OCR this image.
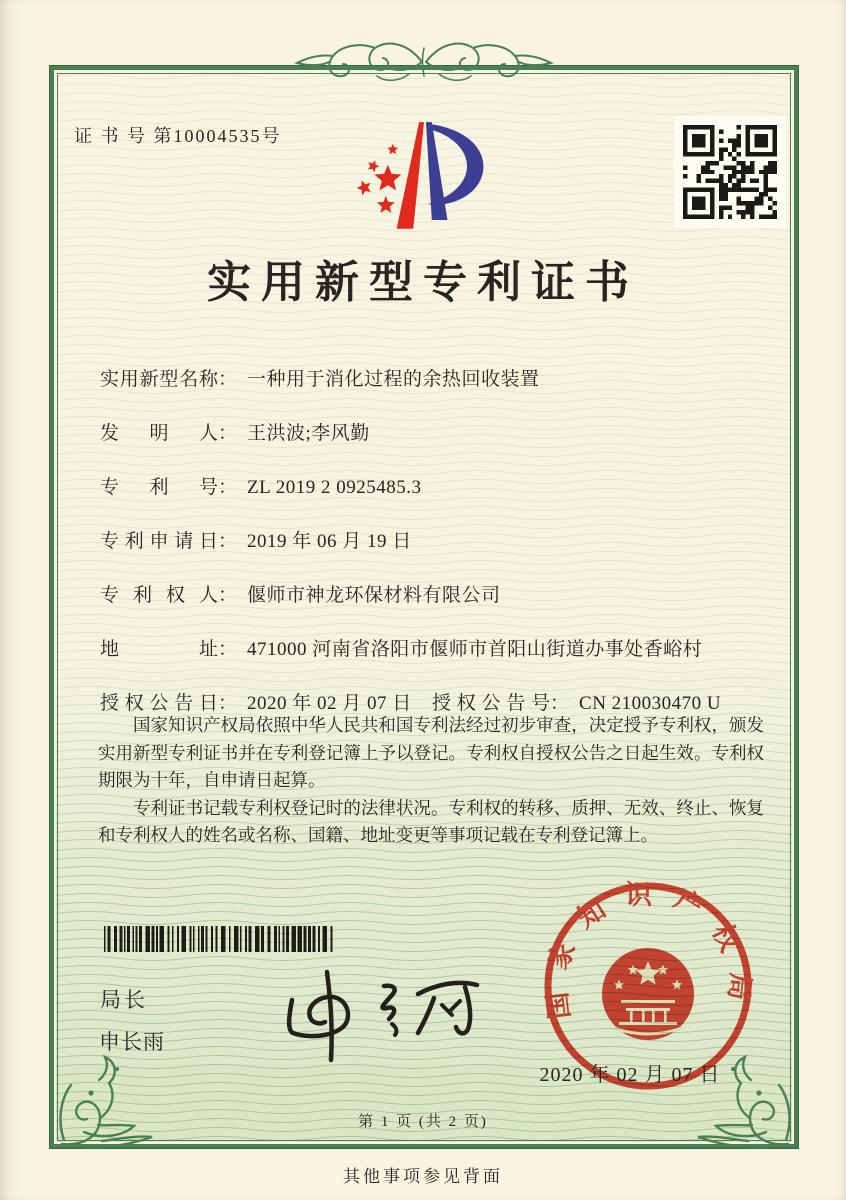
证 书 号 第10004535号
实用新型专利证书
实用新型名称： 一种用于消化过程的余热回收装置
发明人： 王洪波;李风勤
专利号： ZL 2019 2 0925485.3
专利申请日： 2019 年 06 月 19 日
专利权人： 偃师市神龙环保材料有限公司
地址： 471000 河南省洛阳市偃师市首阳山街道办事处香峪村
授权公告日： 2020 年 02 月 07 日 授权公告号： CN 210030470 U

国家知识产权局依照中华人民共和国专利法经过初步审查，决定授予专利权，颁发实用新型专利证书并在专利登记簿上予以登记。专利权自授权公告之日起生效。专利权期限为十年，自申请日起算。

专利证书记载专利权登记时的法律状况。专利权的转移、质押、无效、终止、恢复和专利权人的姓名或名称、国籍、地址变更等事项记载在专利登记簿上。

局长
申长雨
国家知识产权局
2020 年 02 月 07 日
第 1 页 (共 2 页)
其他事项参见背面
